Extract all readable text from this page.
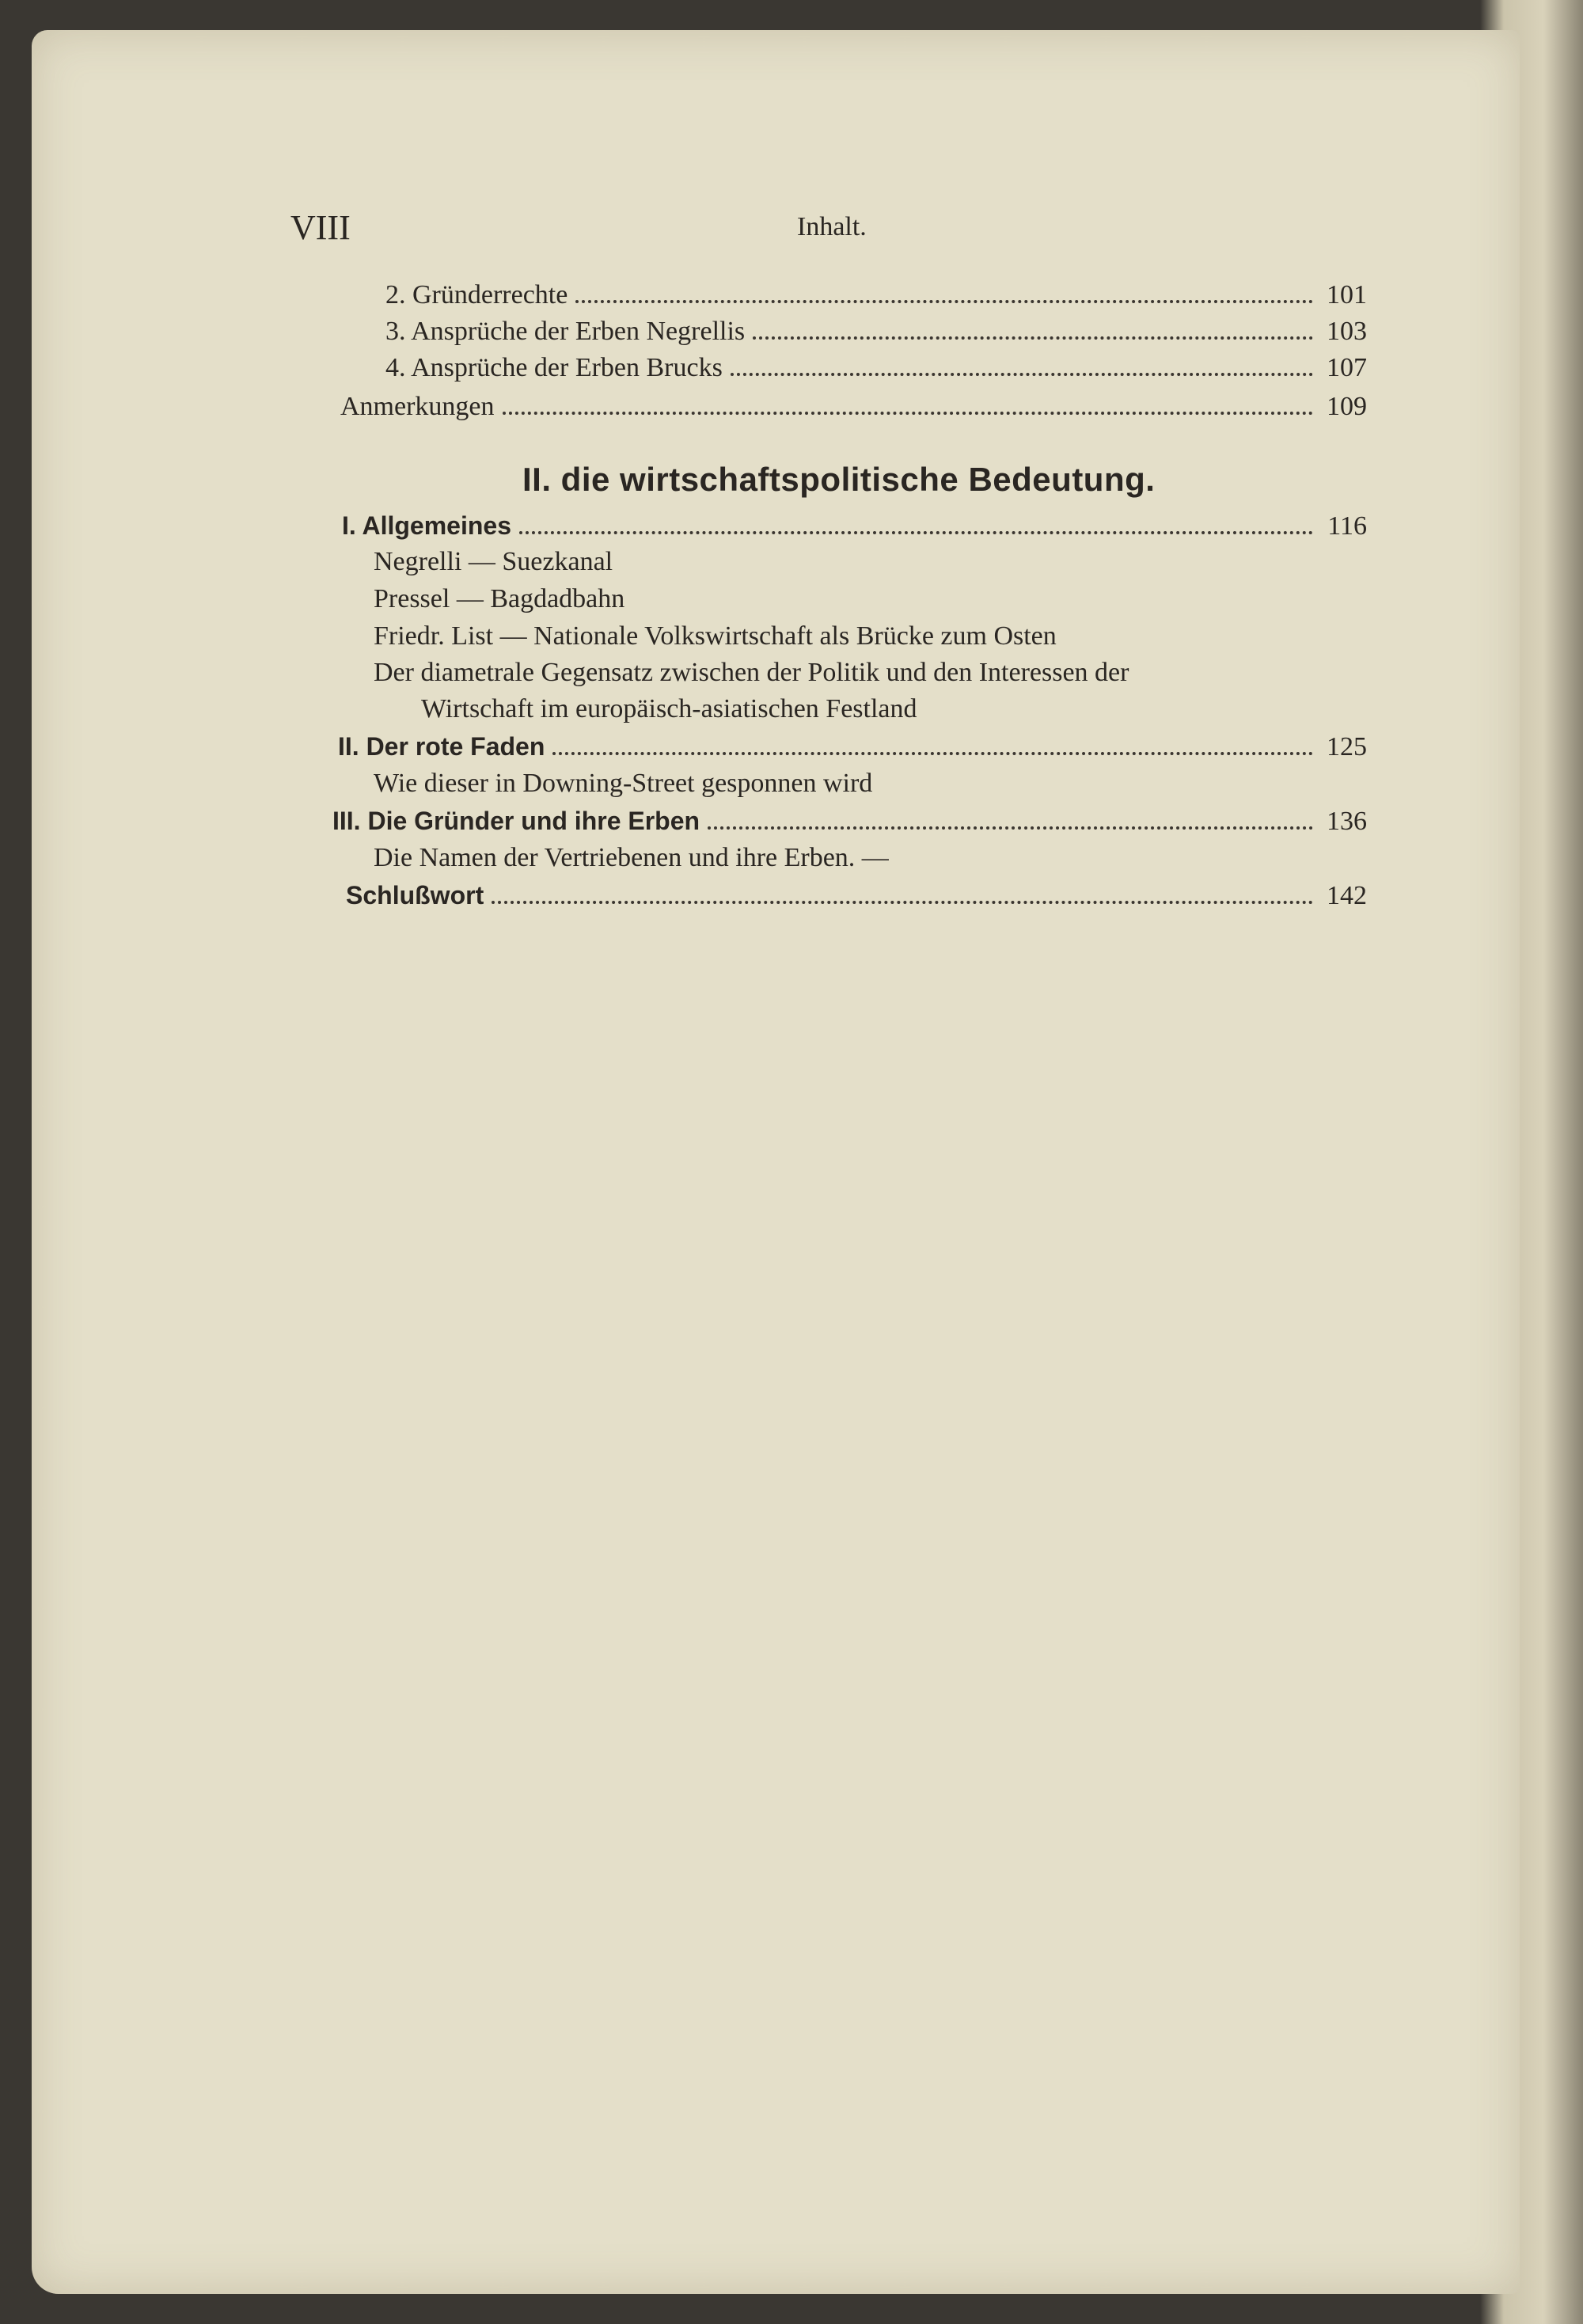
VIII	Inhalt.
2. Gründerrechte	101
3. Ansprüche der Erben Negrellis	103
4. Ansprüche der Erben Brucks	107
Anmerkungen	109
II. die wirtschaftspolitische Bedeutung.
I. Allgemeines	116
Negrelli — Suezkanal
Pressel — Bagdadbahn
Friedr. List — Nationale Volkswirtschaft als Brücke zum Osten
Der diametrale Gegensatz zwischen der Politik und den Interessen der
Wirtschaft im europäisch-asiatischen Festland
II. Der rote Faden	125
Wie dieser in Downing-Street gesponnen wird
III. Die Gründer und ihre Erben	136
Die Namen der Vertriebenen und ihre Erben. —
Schlußwort	142
